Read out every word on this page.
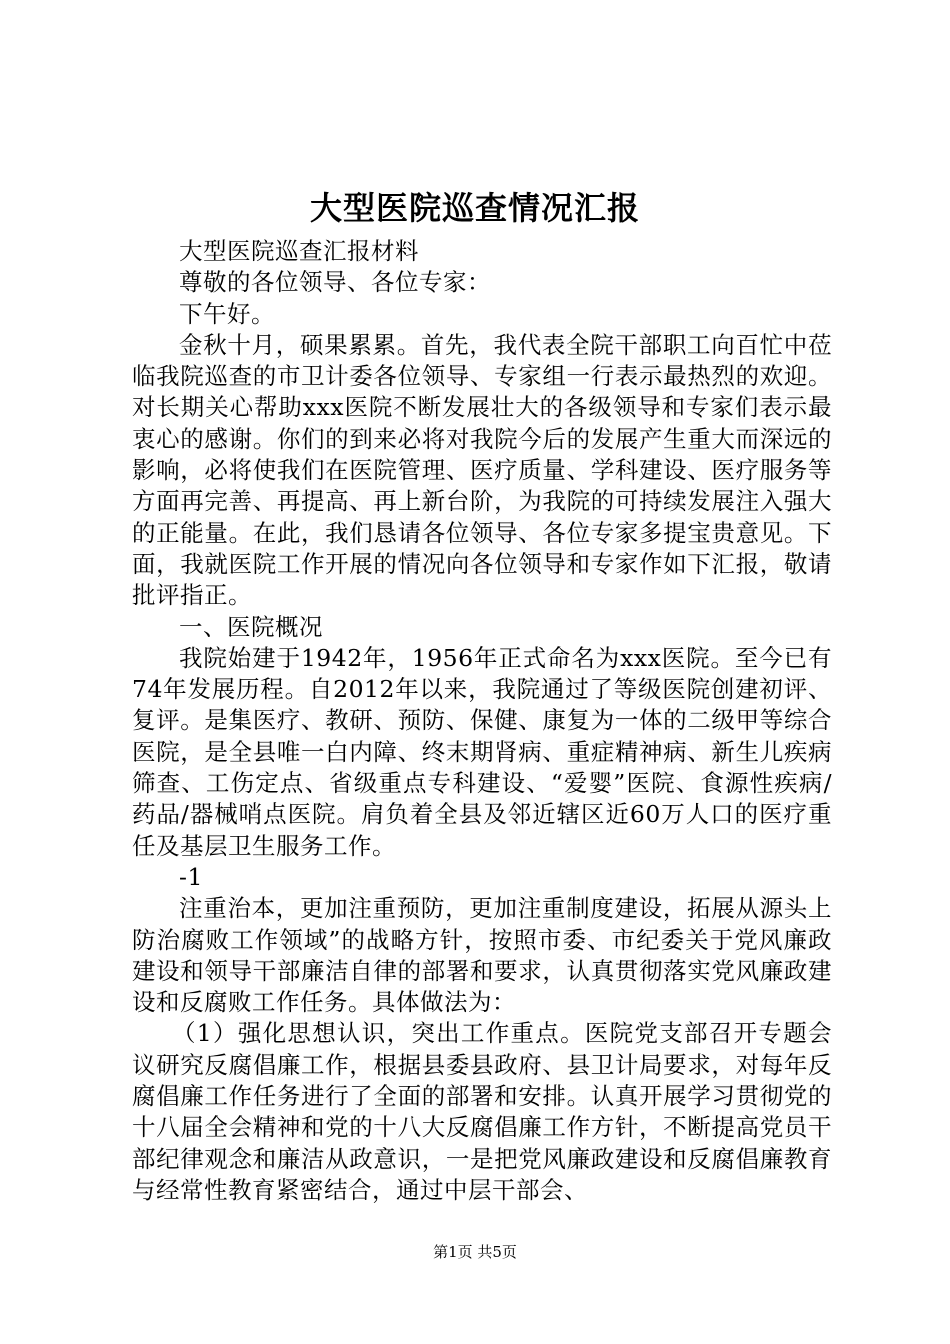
大型医院巡查情况汇报

大型医院巡查汇报材料

尊敬的各位领导、各位专家：

下午好。

金秋十月，硕果累累。首先，我代表全院干部职工向百忙中莅临我院巡查的市卫计委各位领导、专家组一行表示最热烈的欢迎。对长期关心帮助xxx医院不断发展壮大的各级领导和专家们表示最衷心的感谢。你们的到来必将对我院今后的发展产生重大而深远的影响，必将使我们在医院管理、医疗质量、学科建设、医疗服务等方面再完善、再提高、再上新台阶，为我院的可持续发展注入强大的正能量。在此，我们恳请各位领导、各位专家多提宝贵意见。下面，我就医院工作开展的情况向各位领导和专家作如下汇报，敬请批评指正。

一、医院概况

我院始建于1942年，1956年正式命名为xxx医院。至今已有74年发展历程。自2012年以来，我院通过了等级医院创建初评、复评。是集医疗、教研、预防、保健、康复为一体的二级甲等综合医院，是全县唯一白内障、终末期肾病、重症精神病、新生儿疾病筛查、工伤定点、省级重点专科建设、“爱婴”医院、食源性疾病/药品/器械哨点医院。肩负着全县及邻近辖区近60万人口的医疗重任及基层卫生服务工作。

-1

注重治本，更加注重预防，更加注重制度建设，拓展从源头上防治腐败工作领域”的战略方针，按照市委、市纪委关于党风廉政建设和领导干部廉洁自律的部署和要求，认真贯彻落实党风廉政建设和反腐败工作任务。具体做法为：

（1）强化思想认识，突出工作重点。医院党支部召开专题会议研究反腐倡廉工作，根据县委县政府、县卫计局要求，对每年反腐倡廉工作任务进行了全面的部署和安排。认真开展学习贯彻党的十八届全会精神和党的十八大反腐倡廉工作方针，不断提高党员干部纪律观念和廉洁从政意识，一是把党风廉政建设和反腐倡廉教育与经常性教育紧密结合，通过中层干部会、

第1页 共5页
